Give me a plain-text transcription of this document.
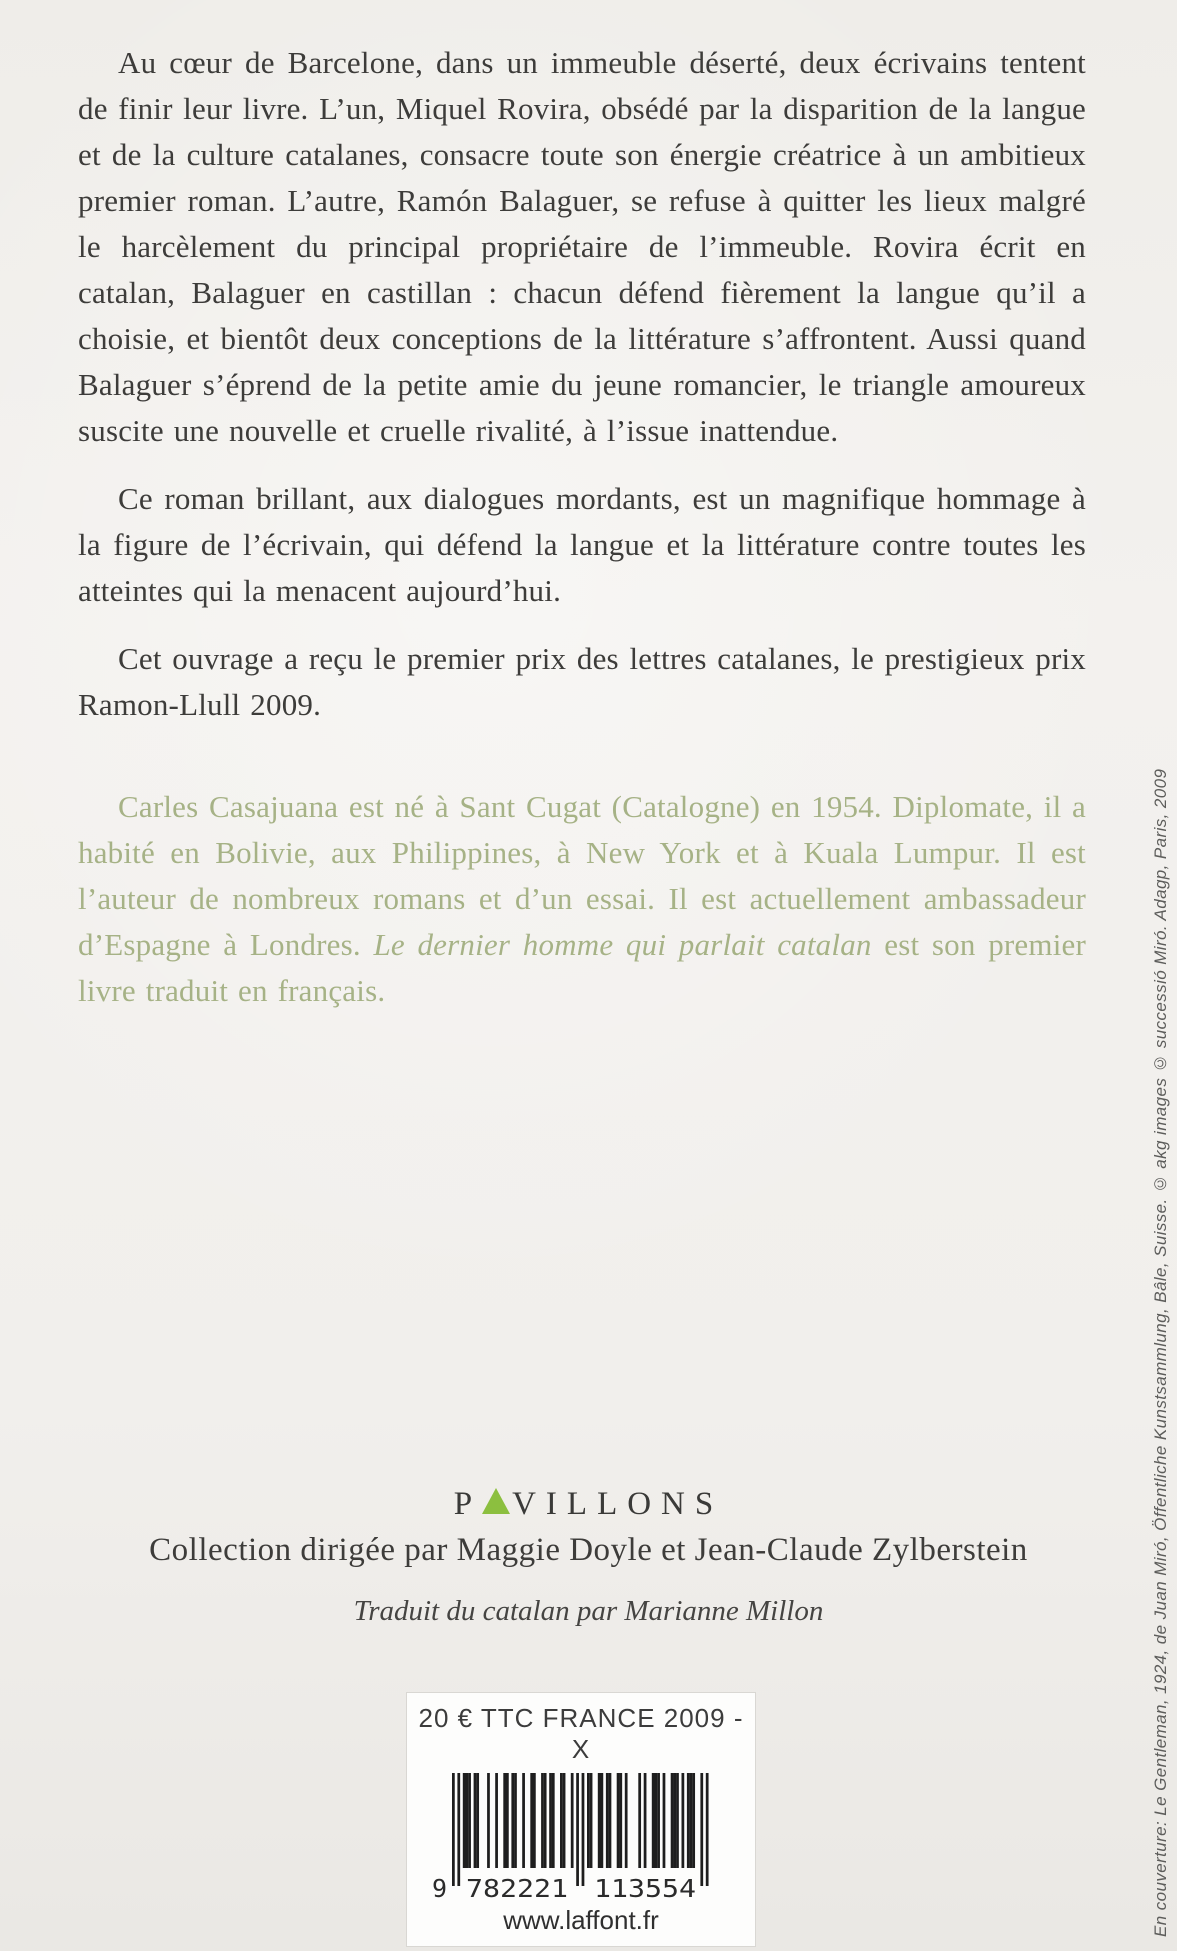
Au cœur de Barcelone, dans un immeuble déserté, deux écrivains tentent de finir leur livre. L’un, Miquel Rovira, obsédé par la disparition de la langue et de la culture catalanes, consacre toute son énergie créatrice à un ambitieux premier roman. L’autre, Ramón Balaguer, se refuse à quitter les lieux malgré le harcèlement du principal propriétaire de l’immeuble. Rovira écrit en catalan, Balaguer en castillan : chacun défend fièrement la langue qu’il a choisie, et bientôt deux conceptions de la littérature s’affrontent. Aussi quand Balaguer s’éprend de la petite amie du jeune romancier, le triangle amoureux suscite une nouvelle et cruelle rivalité, à l’issue inattendue.

Ce roman brillant, aux dialogues mordants, est un magnifique hommage à la figure de l’écrivain, qui défend la langue et la littérature contre toutes les atteintes qui la menacent aujourd’hui.

Cet ouvrage a reçu le premier prix des lettres catalanes, le prestigieux prix Ramon-Llull 2009.

Carles Casajuana est né à Sant Cugat (Catalogne) en 1954. Diplomate, il a habité en Bolivie, aux Philippines, à New York et à Kuala Lumpur. Il est l’auteur de nombreux romans et d’un essai. Il est actuellement ambassadeur d’Espagne à Londres. Le dernier homme qui parlait catalan est son premier livre traduit en français.

P VILLONS
Collection dirigée par Maggie Doyle et Jean-Claude Zylberstein
Traduit du catalan par Marianne Millon
20 € TTC FRANCE 2009 - X
9 782221 113554
www.laffont.fr	En couverture: Le Gentleman, 1924, de Juan Miró, Öffentliche Kunstsammlung, Bâle, Suisse. © akg images © successió Miró. Adagp, Paris, 2009
